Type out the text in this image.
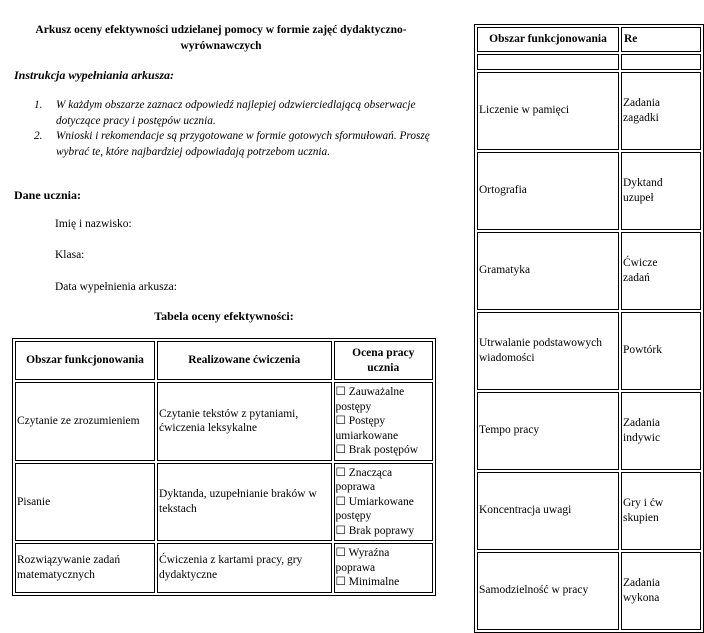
Arkusz oceny efektywności udzielanej pomocy w formie zajęć dydaktyczno-wyrównawczych
Instrukcja wypełniania arkusza:
1. W każdym obszarze zaznacz odpowiedź najlepiej odzwierciedlającą obserwacje dotyczące pracy i postępów ucznia.
2. Wnioski i rekomendacje są przygotowane w formie gotowych sformułowań. Proszę wybrać te, które najbardziej odpowiadają potrzebom ucznia.
Dane ucznia:
Imię i nazwisko:
Klasa:
Data wypełnienia arkusza:
Tabela oceny efektywności:
Obszar funkcjonowania	Realizowane ćwiczenia	Ocena pracy ucznia
Czytanie ze zrozumieniem	Czytanie tekstów z pytaniami, ćwiczenia leksykalne	☐ Zauważalne postępy
☐ Postępy umiarkowane
☐ Brak postępów

Pisanie	Dyktanda, uzupełnianie braków w tekstach	☐ Znacząca poprawa
☐ Umiarkowane postępy
☐ Brak poprawy

Rozwiązywanie zadań matematycznych	Ćwiczenia z kartami pracy, gry dydaktyczne	☐ Wyraźna poprawa
☐ Minimalne
Obszar funkcjonowania	Re

Liczenie w pamięci	Zadania
zagadki
Ortografia	Dyktand
uzupeł
Gramatyka	Ćwicze
zadań
Utrwalanie podstawowych wiadomości	Powtórk
Tempo pracy	Zadania
indywic
Koncentracja uwagi	Gry i ćw
skupien
Samodzielność w pracy	Zadania
wykona
